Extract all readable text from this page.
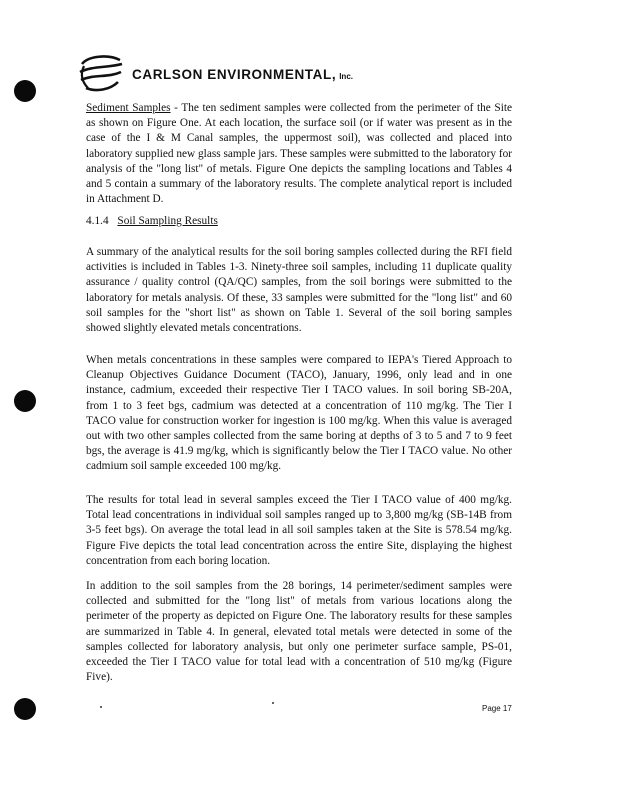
CARLSON ENVIRONMENTAL, Inc.
Sediment Samples - The ten sediment samples were collected from the perimeter of the Site as shown on Figure One. At each location, the surface soil (or if water was present as in the case of the I & M Canal samples, the uppermost soil), was collected and placed into laboratory supplied new glass sample jars. These samples were submitted to the laboratory for analysis of the "long list" of metals. Figure One depicts the sampling locations and Tables 4 and 5 contain a summary of the laboratory results. The complete analytical report is included in Attachment D.
4.1.4 Soil Sampling Results
A summary of the analytical results for the soil boring samples collected during the RFI field activities is included in Tables 1-3. Ninety-three soil samples, including 11 duplicate quality assurance / quality control (QA/QC) samples, from the soil borings were submitted to the laboratory for metals analysis. Of these, 33 samples were submitted for the "long list" and 60 soil samples for the "short list" as shown on Table 1. Several of the soil boring samples showed slightly elevated metals concentrations.
When metals concentrations in these samples were compared to IEPA's Tiered Approach to Cleanup Objectives Guidance Document (TACO), January, 1996, only lead and in one instance, cadmium, exceeded their respective Tier I TACO values. In soil boring SB-20A, from 1 to 3 feet bgs, cadmium was detected at a concentration of 110 mg/kg. The Tier I TACO value for construction worker for ingestion is 100 mg/kg. When this value is averaged out with two other samples collected from the same boring at depths of 3 to 5 and 7 to 9 feet bgs, the average is 41.9 mg/kg, which is significantly below the Tier I TACO value. No other cadmium soil sample exceeded 100 mg/kg.
The results for total lead in several samples exceed the Tier I TACO value of 400 mg/kg. Total lead concentrations in individual soil samples ranged up to 3,800 mg/kg (SB-14B from 3-5 feet bgs). On average the total lead in all soil samples taken at the Site is 578.54 mg/kg. Figure Five depicts the total lead concentration across the entire Site, displaying the highest concentration from each boring location.
In addition to the soil samples from the 28 borings, 14 perimeter/sediment samples were collected and submitted for the "long list" of metals from various locations along the perimeter of the property as depicted on Figure One. The laboratory results for these samples are summarized in Table 4. In general, elevated total metals were detected in some of the samples collected for laboratory analysis, but only one perimeter surface sample, PS-01, exceeded the Tier I TACO value for total lead with a concentration of 510 mg/kg (Figure Five).
Page 17
